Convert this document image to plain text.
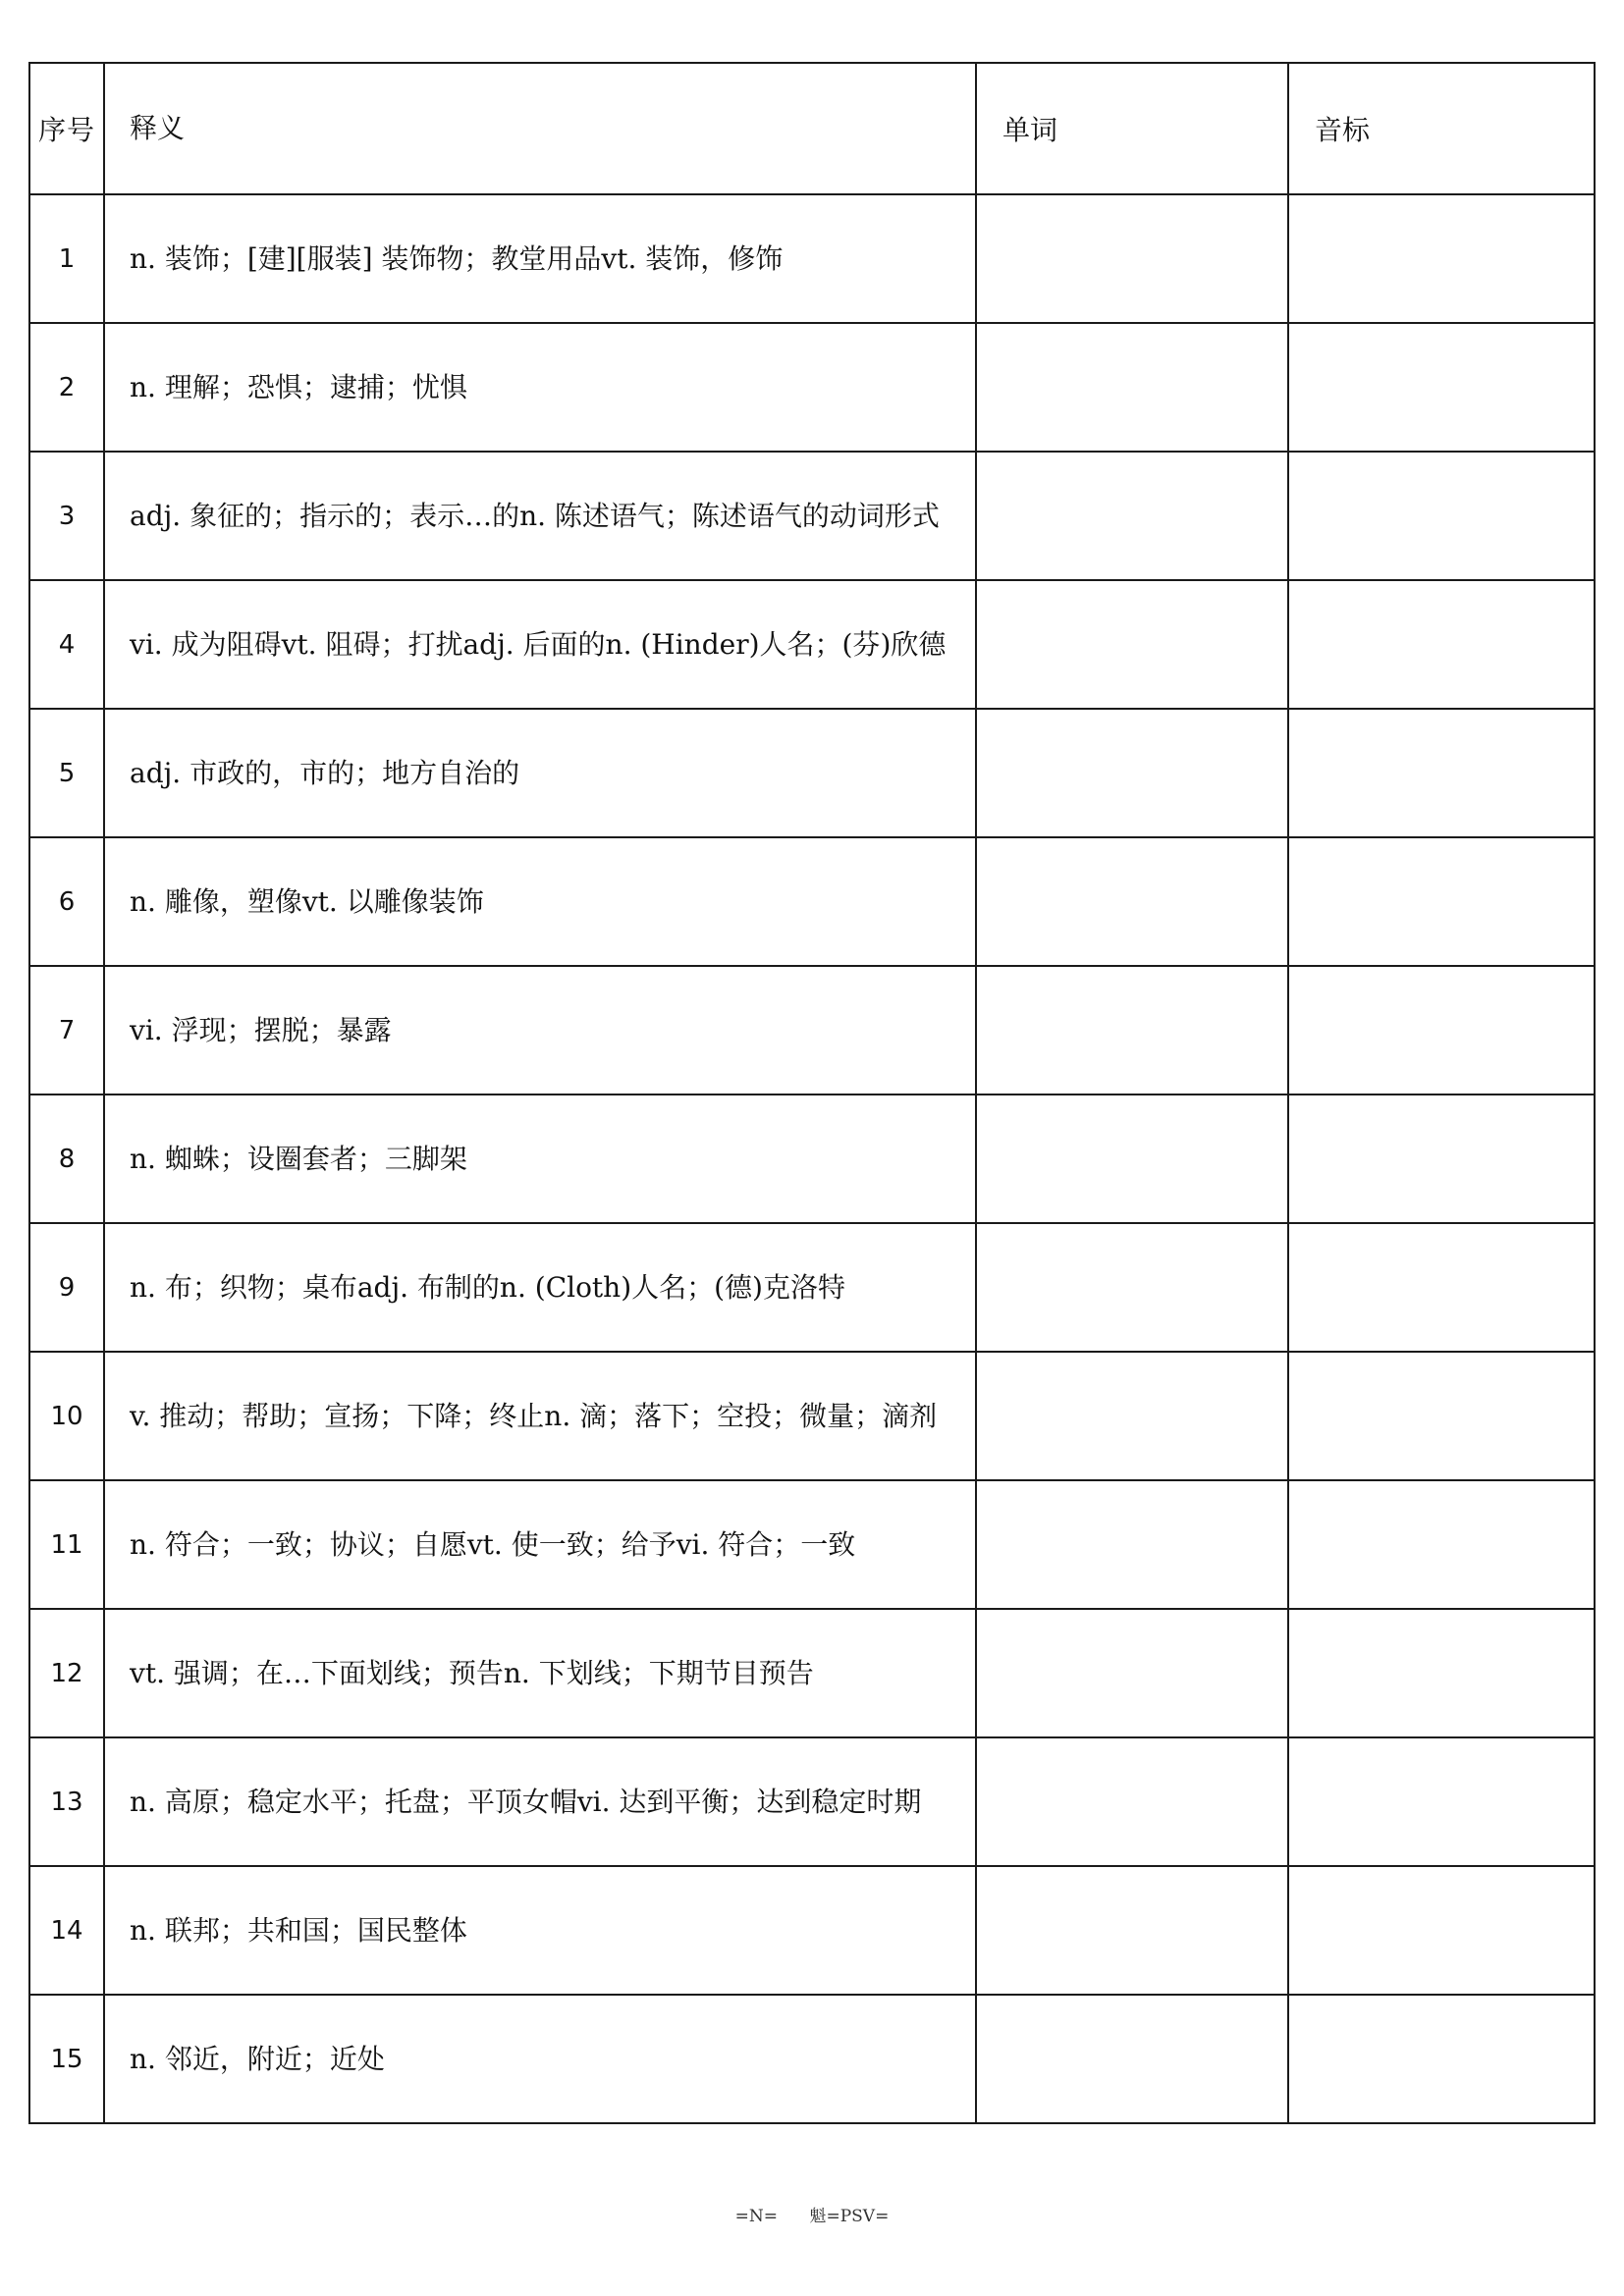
序号	释义	单词	音标
1	n. 装饰；[建][服装] 装饰物；教堂用品vt. 装饰，修饰		
2	n. 理解；恐惧；逮捕；忧惧		
3	adj. 象征的；指示的；表示…的n. 陈述语气；陈述语气的动词形式		
4	vi. 成为阻碍vt. 阻碍；打扰adj. 后面的n. (Hinder)人名；(芬)欣德		
5	adj. 市政的，市的；地方自治的		
6	n. 雕像，塑像vt. 以雕像装饰		
7	vi. 浮现；摆脱；暴露		
8	n. 蜘蛛；设圈套者；三脚架		
9	n. 布；织物；桌布adj. 布制的n. (Cloth)人名；(德)克洛特		
10	v. 推动；帮助；宣扬；下降；终止n. 滴；落下；空投；微量；滴剂		
11	n. 符合；一致；协议；自愿vt. 使一致；给予vi. 符合；一致		
12	vt. 强调；在…下面划线；预告n. 下划线；下期节目预告		
13	n. 高原；稳定水平；托盘；平顶女帽vi. 达到平衡；达到稳定时期		
14	n. 联邦；共和国；国民整体		
15	n. 邻近，附近；近处		
=N=      魁=PSV=
